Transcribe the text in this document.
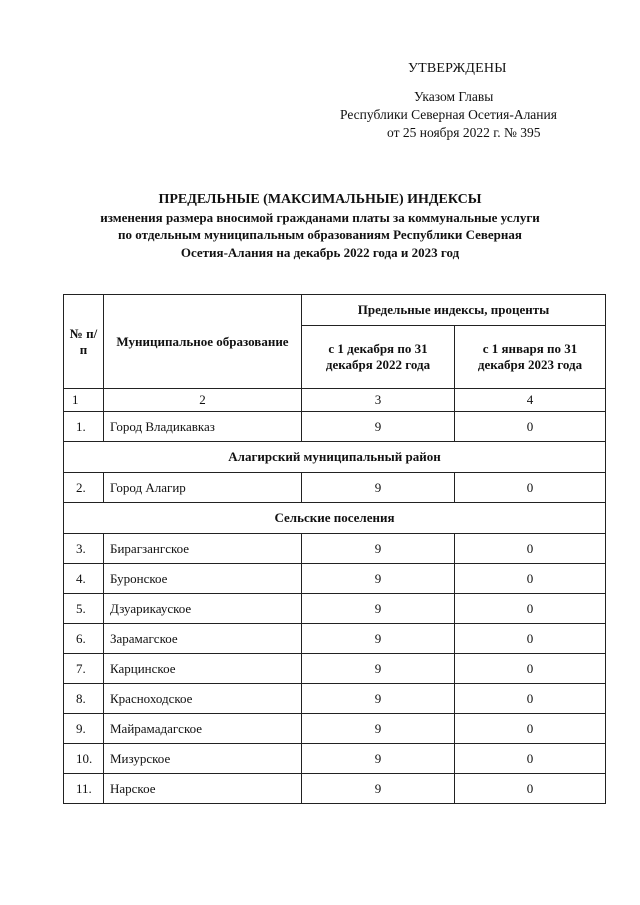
УТВЕРЖДЕНЫ
Указом Главы
Республики Северная Осетия-Алания
от 25 ноября 2022 г. № 395
ПРЕДЕЛЬНЫЕ (МАКСИМАЛЬНЫЕ) ИНДЕКСЫ
изменения размера вносимой гражданами платы за коммунальные услуги
по отдельным муниципальным образованиям Республики Северная
Осетия-Алания на декабрь 2022 года и 2023 год
№ п/п	Муниципальное образование	Предельные индексы, проценты	
		с 1 декабря по 31 декабря 2022 года	с 1 января по 31 декабря 2023 года
1	2	3	4
1.	Город Владикавказ	9	0
Алагирский муниципальный район			
2.	Город Алагир	9	0
Сельские поселения			
3.	Бирагзангское	9	0
4.	Буронское	9	0
5.	Дзуарикауское	9	0
6.	Зарамагское	9	0
7.	Карцинское	9	0
8.	Красноходское	9	0
9.	Майрамадагское	9	0
10.	Мизурское	9	0
11.	Нарское	9	0
